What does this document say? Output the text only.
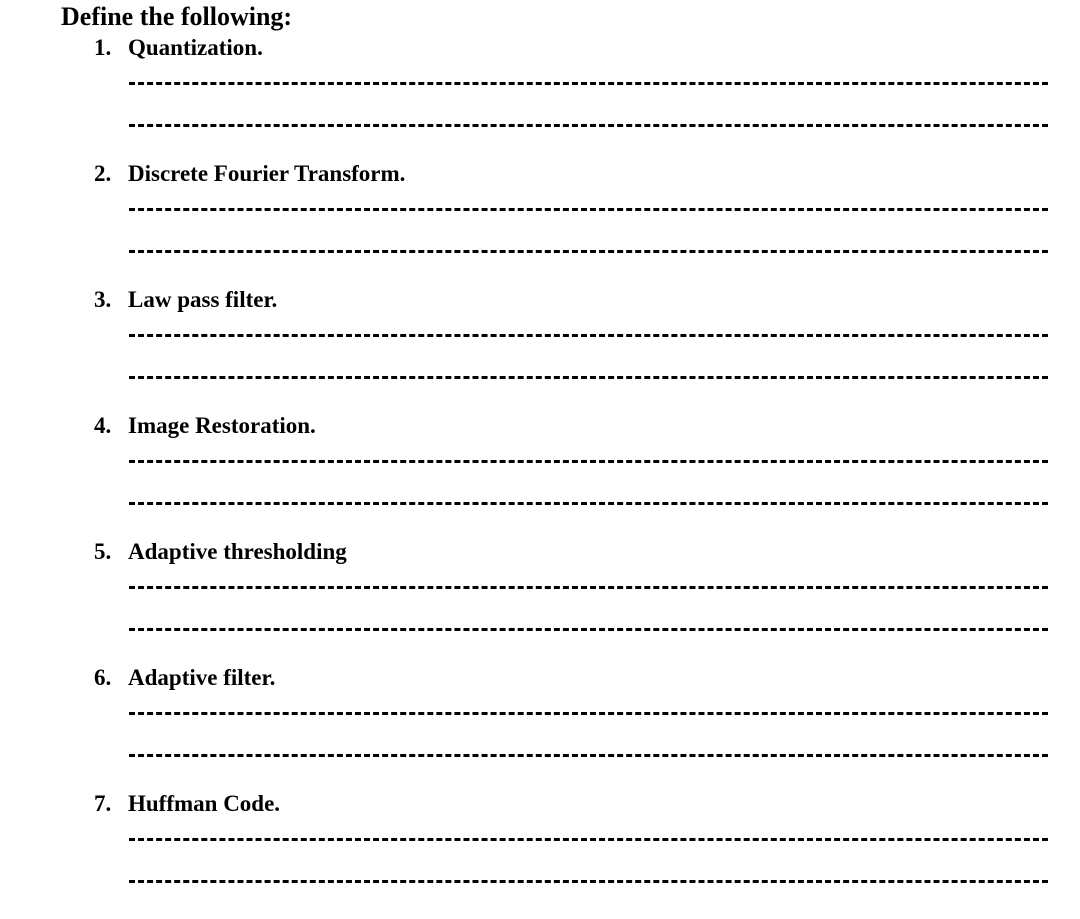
Define the following:
1. Quantization.
2. Discrete Fourier Transform.
3. Law pass filter.
4. Image Restoration.
5. Adaptive thresholding
6. Adaptive filter.
7. Huffman Code.
